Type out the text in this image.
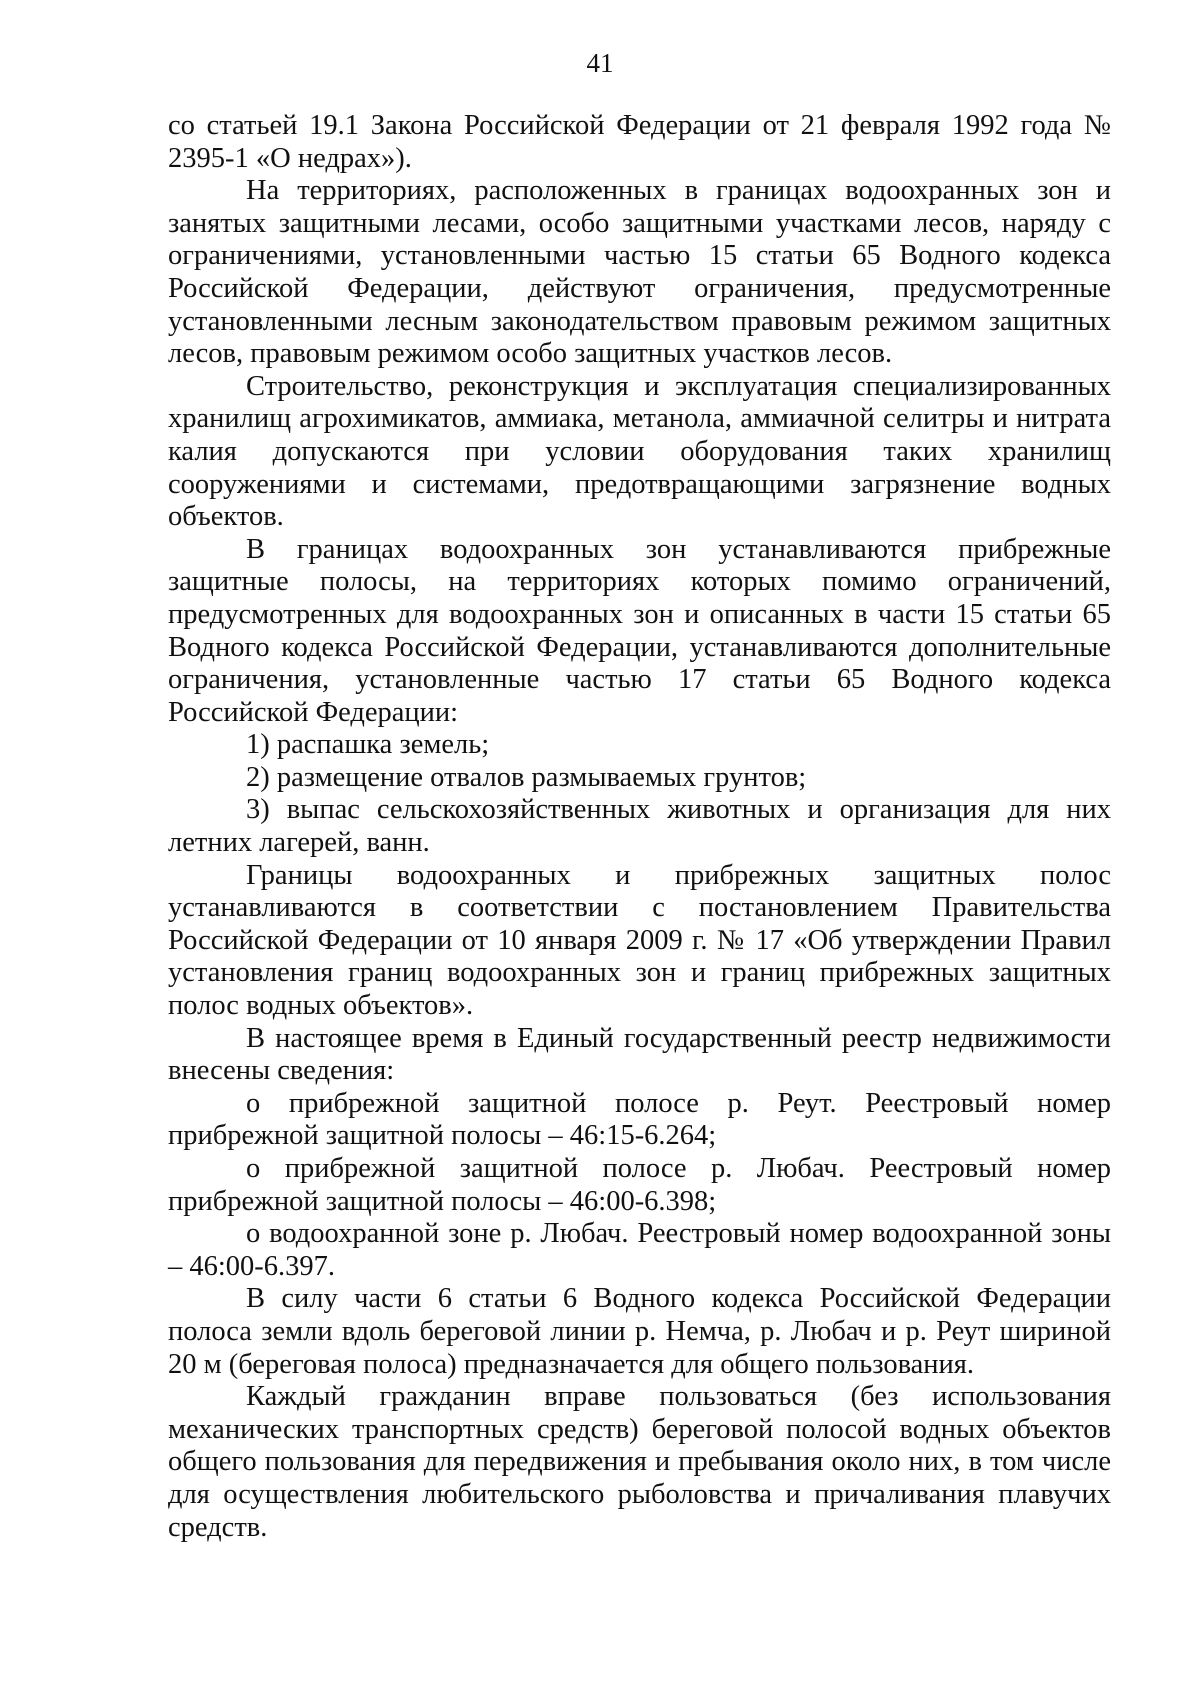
41

со статьей 19.1 Закона Российской Федерации от 21 февраля 1992 года № 2395-1 «О недрах»).

На территориях, расположенных в границах водоохранных зон и занятых защитными лесами, особо защитными участками лесов, наряду с ограничениями, установленными частью 15 статьи 65 Водного кодекса Российской Федерации, действуют ограничения, предусмотренные установленными лесным законодательством правовым режимом защитных лесов, правовым режимом особо защитных участков лесов.

Строительство, реконструкция и эксплуатация специализированных хранилищ агрохимикатов, аммиака, метанола, аммиачной селитры и нитрата калия допускаются при условии оборудования таких хранилищ сооружениями и системами, предотвращающими загрязнение водных объектов.

В границах водоохранных зон устанавливаются прибрежные защитные полосы, на территориях которых помимо ограничений, предусмотренных для водоохранных зон и описанных в части 15 статьи 65 Водного кодекса Российской Федерации, устанавливаются дополнительные ограничения, установленные частью 17 статьи 65 Водного кодекса Российской Федерации:

1) распашка земель;

2) размещение отвалов размываемых грунтов;

3) выпас сельскохозяйственных животных и организация для них летних лагерей, ванн.

Границы водоохранных и прибрежных защитных полос устанавливаются в соответствии с постановлением Правительства Российской Федерации от 10 января 2009 г. № 17 «Об утверждении Правил установления границ водоохранных зон и границ прибрежных защитных полос водных объектов».

В настоящее время в Единый государственный реестр недвижимости внесены сведения:

о прибрежной защитной полосе р. Реут. Реестровый номер прибрежной защитной полосы – 46:15-6.264;

о прибрежной защитной полосе р. Любач. Реестровый номер прибрежной защитной полосы – 46:00-6.398;

о водоохранной зоне р. Любач. Реестровый номер водоохранной зоны – 46:00-6.397.

В силу части 6 статьи 6 Водного кодекса Российской Федерации полоса земли вдоль береговой линии р. Немча, р. Любач и р. Реут шириной 20 м (береговая полоса) предназначается для общего пользования.

Каждый гражданин вправе пользоваться (без использования механических транспортных средств) береговой полосой водных объектов общего пользования для передвижения и пребывания около них, в том числе для осуществления любительского рыболовства и причаливания плавучих средств.
